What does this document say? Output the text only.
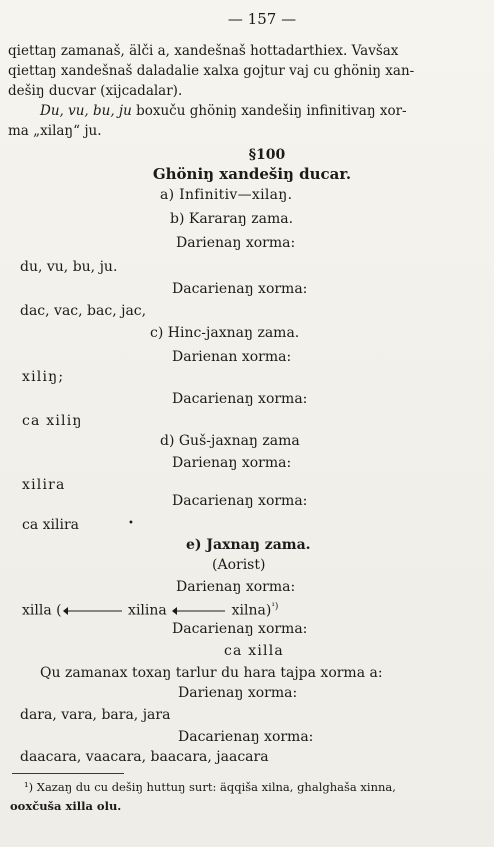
— 157 —
qiettaŋ zamanaš, älči a, xandešnaš hottadarthiex. Vavšax
qiettaŋ xandešnaš daladalie xalxa gojtur vaj cu ghöniŋ xan-
dešiŋ ducvar (xijcadalar).
Du, vu, bu, ju boxuču ghöniŋ xandešiŋ infinitivaŋ xor-
ma „xilaŋ“ ju.
§100
Ghöniŋ xandešiŋ ducar.
a) Infinitiv—xilaŋ.
b) Kararaŋ zama.
Darienaŋ xorma:
du, vu, bu, ju.
Dacarienaŋ xorma:
dac, vac, bac, jac,
c) Hinc-jaxnaŋ zama.
Darienan xorma:
xiliŋ;
Dacarienaŋ xorma:
ca xiliŋ
d) Guš-jaxnaŋ zama
Darienaŋ xorma:
xilira
Dacarienaŋ xorma:
ca xilira	•
e) Jaxnaŋ zama.
(Aorist)
Darienaŋ xorma:
xilla (	xilina	xilna)$^{^1)}$
Dacarienaŋ xorma:
ca xilla
Qu zamanax toxaŋ tarlur du hara tajpa xorma a:
Darienaŋ xorma:
dara, vara, bara, jara
Dacarienaŋ xorma:
daacara, vaacara, baacara, jaacara
¹) Xazaŋ du cu dešiŋ huttuŋ surt: äqqišа xilna, ghalghaša xinna,
ooxčuša xilla olu.
